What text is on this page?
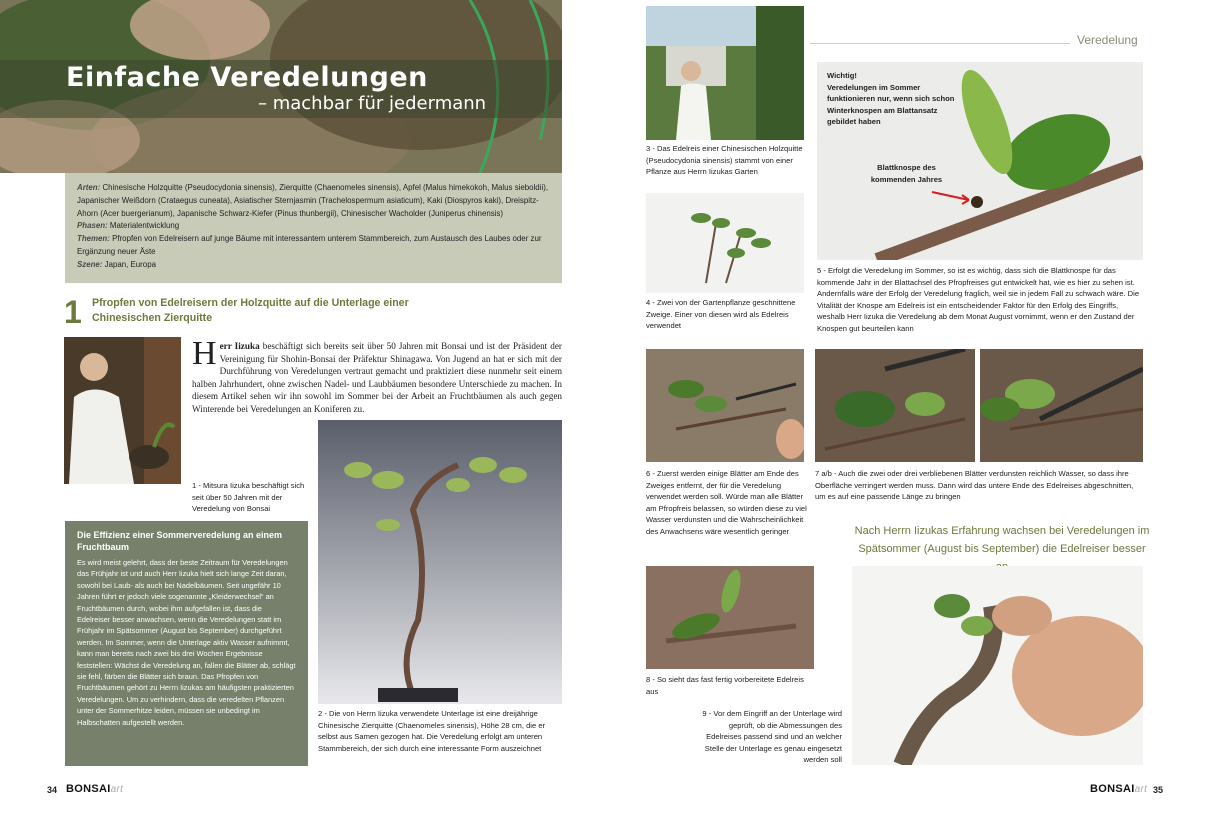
Einfache Veredelungen
– machbar für jedermann
Arten: Chinesische Holzquitte (Pseudocydonia sinensis), Zierquitte (Chaenomeles sinensis), Apfel (Malus himekokoh, Malus sieboldii), Japanischer Weißdorn (Crataegus cuneata), Asiatischer Sternjasmin (Trachelospermum asiaticum), Kaki (Diospyros kaki), Dreispitz-Ahorn (Acer buergerianum), Japanische Schwarz-Kiefer (Pinus thunbergii), Chinesischer Wacholder (Juniperus chinensis)
Phasen: Materialentwicklung
Themen: Pfropfen von Edelreisern auf junge Bäume mit interessantem unterem Stammbereich, zum Austausch des Laubes oder zur Ergänzung neuer Äste
Szene: Japan, Europa
1 Pfropfen von Edelreisern der Holzquitte auf die Unterlage einer Chinesischen Zierquitte
Herr Iizuka beschäftigt sich bereits seit über 50 Jahren mit Bonsai und ist der Präsident der Vereinigung für Shohin-Bonsai der Präfektur Shinagawa. Von Jugend an hat er sich mit der Durchführung von Veredelungen vertraut gemacht und praktiziert diese nunmehr seit einem halben Jahrhundert, ohne zwischen Nadel- und Laubbäumen besondere Unterschiede zu machen. In diesem Artikel sehen wir ihn sowohl im Sommer bei der Arbeit an Fruchtbäumen als auch gegen Winterende bei Veredelungen an Koniferen zu.
1 - Mitsura Iizuka beschäftigt sich seit über 50 Jahren mit der Veredelung von Bonsai
2 - Die von Herrn Iizuka verwendete Unterlage ist eine dreijährige Chinesische Zierquitte (Chaenomeles sinensis), Höhe 28 cm, die er selbst aus Samen gezogen hat. Die Veredelung erfolgt am unteren Stammbereich, der sich durch eine interessante Form auszeichnet
Die Effizienz einer Sommerveredelung an einem Fruchtbaum
Es wird meist gelehrt, dass der beste Zeitraum für Veredelungen das Frühjahr ist und auch Herr Iizuka hielt sich lange Zeit daran, sowohl bei Laub- als auch bei Nadelbäumen. Seit ungefähr 10 Jahren führt er jedoch viele sogenannte „Kleiderwechsel“ an Fruchtbäumen durch, wobei ihm aufgefallen ist, dass die Edelreiser besser anwachsen, wenn die Veredelungen statt im Frühjahr im Spätsommer (August bis September) durchgeführt werden. Im Sommer, wenn die Unterlage aktiv Wasser aufnimmt, kann man bereits nach zwei bis drei Wochen Ergebnisse feststellen: Wächst die Veredelung an, fallen die Blätter ab, schlägt sie fehl, färben die Blätter sich braun. Das Pfropfen von Fruchtbäumen gehört zu Herrn Iizukas am häufigsten praktizierten Veredelungen. Um zu verhindern, dass die veredelten Pflanzen unter der Sommerhitze leiden, müssen sie unbedingt im Halbschatten aufgestellt werden.
34 BONSAIart
Veredelung
3 - Das Edelreis einer Chinesischen Holzquitte (Pseudocydonia sinensis) stammt von einer Pflanze aus Herrn Iizukas Garten
4 - Zwei von der Gartenpflanze geschnittene Zweige. Einer von diesen wird als Edelreis verwendet
Wichtig!
Veredelungen im Sommer funktionieren nur, wenn sich schon Winterknospen am Blattansatz gebildet haben
Blattknospe des kommenden Jahres
5 - Erfolgt die Veredelung im Sommer, so ist es wichtig, dass sich die Blattknospe für das kommende Jahr in der Blattachsel des Pfropfreises gut entwickelt hat, wie es hier zu sehen ist. Andernfalls wäre der Erfolg der Veredelung fraglich, weil sie in jedem Fall zu schwach wäre. Die Vitalität der Knospe am Edelreis ist ein entscheidender Faktor für den Erfolg des Eingriffs, weshalb Herr Iizuka die Veredelung ab dem Monat August vornimmt, wenn er den Zustand der Knospen gut beurteilen kann
6 - Zuerst werden einige Blätter am Ende des Zweiges entfernt, der für die Veredelung verwendet werden soll. Würde man alle Blätter am Pfropfreis belassen, so würden diese zu viel Wasser verdunsten und die Wahrscheinlichkeit des Anwachsens wäre wesentlich geringer
7 a/b - Auch die zwei oder drei verbliebenen Blätter verdunsten reichlich Wasser, so dass ihre Oberfläche verringert werden muss. Dann wird das untere Ende des Edelreises abgeschnitten, um es auf eine passende Länge zu bringen
Nach Herrn Iizukas Erfahrung wachsen bei Veredelungen im Spätsommer (August bis September) die Edelreiser besser
8 - So sieht das fast fertig vorbereitete Edelreis aus
9 - Vor dem Eingriff an der Unterlage wird geprüft, ob die Abmessungen des Edelreises passend sind und an welcher Stelle der Unterlage es genau eingesetzt werden soll
BONSAIart 35
